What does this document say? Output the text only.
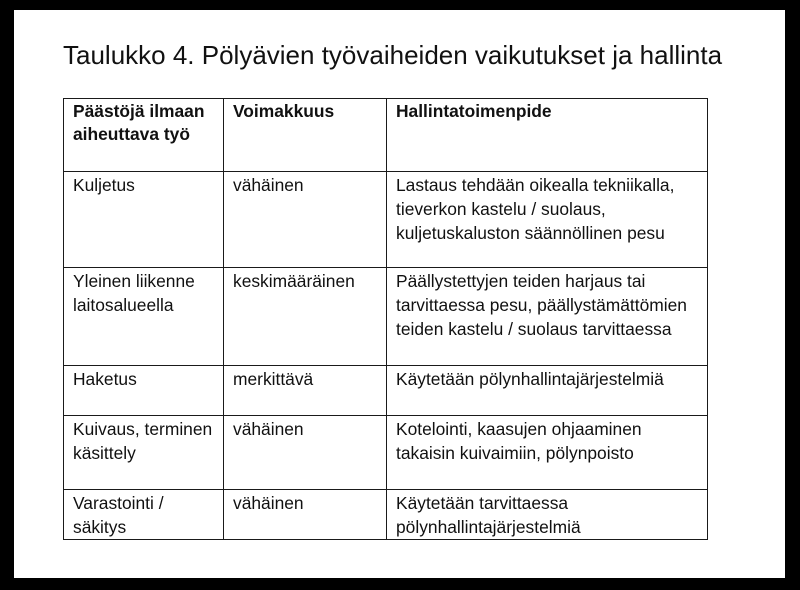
Taulukko 4. Pölyävien työvaiheiden vaikutukset ja hallinta
Päästöjä ilmaan aiheuttava työ	Voimakkuus	Hallintatoimenpide
Kuljetus	vähäinen	Lastaus tehdään oikealla tekniikalla, tieverkon kastelu / suolaus, kuljetuskaluston säännöllinen pesu
Yleinen liikenne laitosalueella	keskimääräinen	Päällystettyjen teiden harjaus tai tarvittaessa pesu, päällystämättömien teiden kastelu / suolaus tarvittaessa
Haketus	merkittävä	Käytetään pölynhallintajärjestelmiä
Kuivaus, terminen käsittely	vähäinen	Kotelointi, kaasujen ohjaaminen takaisin kuivaimiin, pölynpoisto
Varastointi / säkitys	vähäinen	Käytetään tarvittaessa pölynhallintajärjestelmiä
